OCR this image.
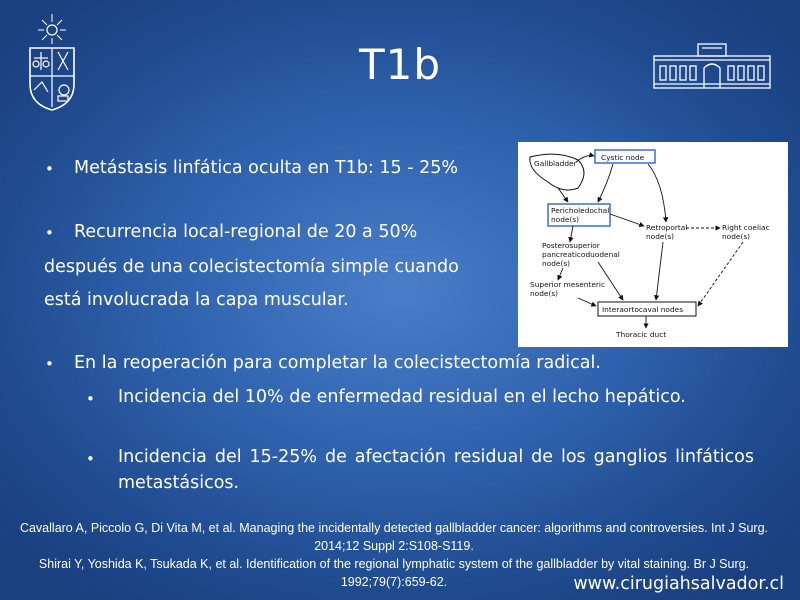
T1b
• Metástasis linfática oculta en T1b: 15 - 25%
• Recurrencia local-regional de 20 a 50%
después de una colecistectomía simple cuando
está involucrada la capa muscular.
• En la reoperación para completar la colecistectomía radical.
• Incidencia del 10% de enfermedad residual en el lecho hepático.
• Incidencia del 15-25% de afectación residual de los ganglios linfáticos metastásicos.
Gallbladder
Cystic node
Pericholedochal
node(s)
Retroportal
node(s)
Right coeliac
node(s)
Posterosuperior
pancreaticoduodenal
node(s)
Superior mesenteric
node(s)
Interaortocaval nodes
Thoracic duct
Cavallaro A, Piccolo G, Di Vita M, et al. Managing the incidentally detected gallbladder cancer: algorithms and controversies. Int J Surg. 2014;12 Suppl 2:S108-S119.
Shirai Y, Yoshida K, Tsukada K, et al. Identification of the regional lymphatic system of the gallbladder by vital staining. Br J Surg. 1992;79(7):659-62.	www.cirugiahsalvador.cl
